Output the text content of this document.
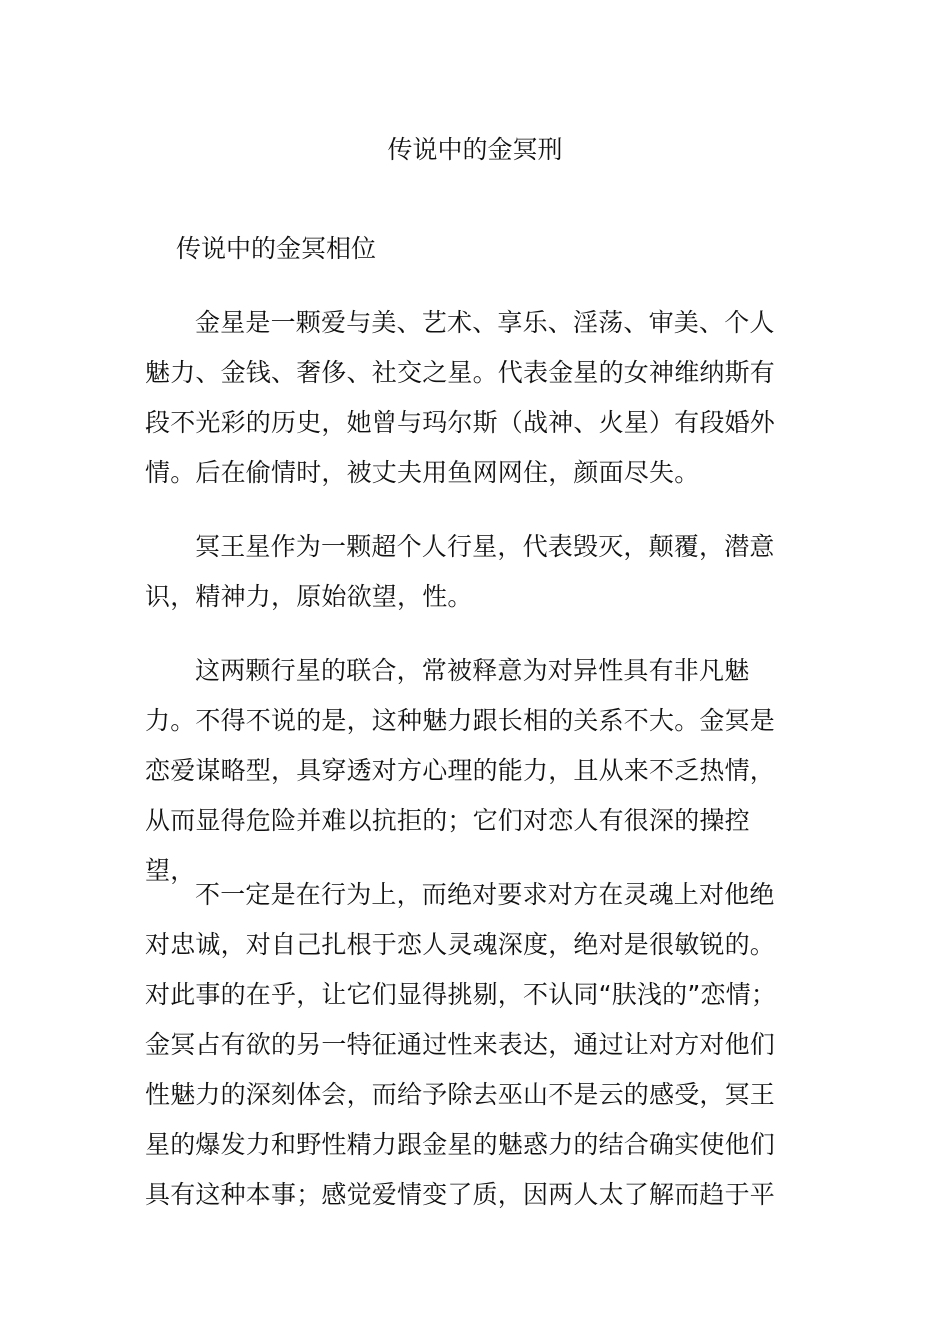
传说中的金冥刑
传说中的金冥相位

金星是一颗爱与美、艺术、享乐、淫荡、审美、个人魅力、金钱、奢侈、社交之星。代表金星的女神维纳斯有段不光彩的历史，她曾与玛尔斯（战神、火星）有段婚外情。后在偷情时，被丈夫用鱼网网住，颜面尽失。

冥王星作为一颗超个人行星，代表毁灭，颠覆，潜意识，精神力，原始欲望，性。

这两颗行星的联合，常被释意为对异性具有非凡魅力。不得不说的是，这种魅力跟长相的关系不大。金冥是恋爱谋略型，具穿透对方心理的能力，且从来不乏热情，从而显得危险并难以抗拒的；它们对恋人有很深的操控望，

不一定是在行为上，而绝对要求对方在灵魂上对他绝对忠诚，对自己扎根于恋人灵魂深度，绝对是很敏锐的。对此事的在乎，让它们显得挑剔，不认同“肤浅的”恋情；金冥占有欲的另一特征通过性来表达，通过让对方对他们性魅力的深刻体会，而给予除去巫山不是云的感受，冥王星的爆发力和野性精力跟金星的魅惑力的结合确实使他们具有这种本事；感觉爱情变了质，因两人太了解而趋于平
